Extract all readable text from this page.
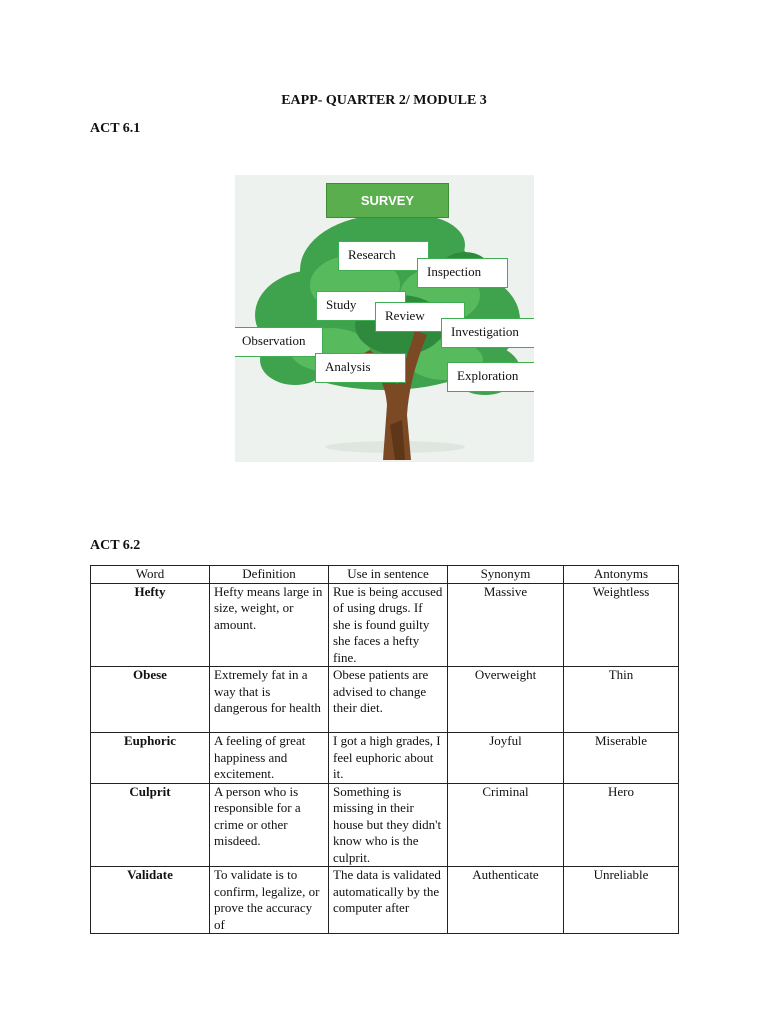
EAPP- QUARTER 2/ MODULE 3
ACT 6.1
SURVEY
Research
Inspection
Study
Review
Investigation
Observation
Analysis
Exploration
ACT 6.2
Word	Definition	Use in sentence	Synonym	Antonyms
Hefty	Hefty means large in size, weight, or amount.	Rue is being accused of using drugs. If she is found guilty she faces a hefty fine.	Massive	Weightless
Obese	Extremely fat in a way that is dangerous for health	Obese patients are advised to change their diet.	Overweight	Thin
Euphoric	A feeling of great happiness and excitement.	I got a high grades, I feel euphoric about it.	Joyful	Miserable
Culprit	A person who is responsible for a crime or other misdeed.	Something is missing in their house but they didn't know who is the culprit.	Criminal	Hero
Validate	To validate is to confirm, legalize, or prove the accuracy of	The data is validated automatically by the computer after	Authenticate	Unreliable
